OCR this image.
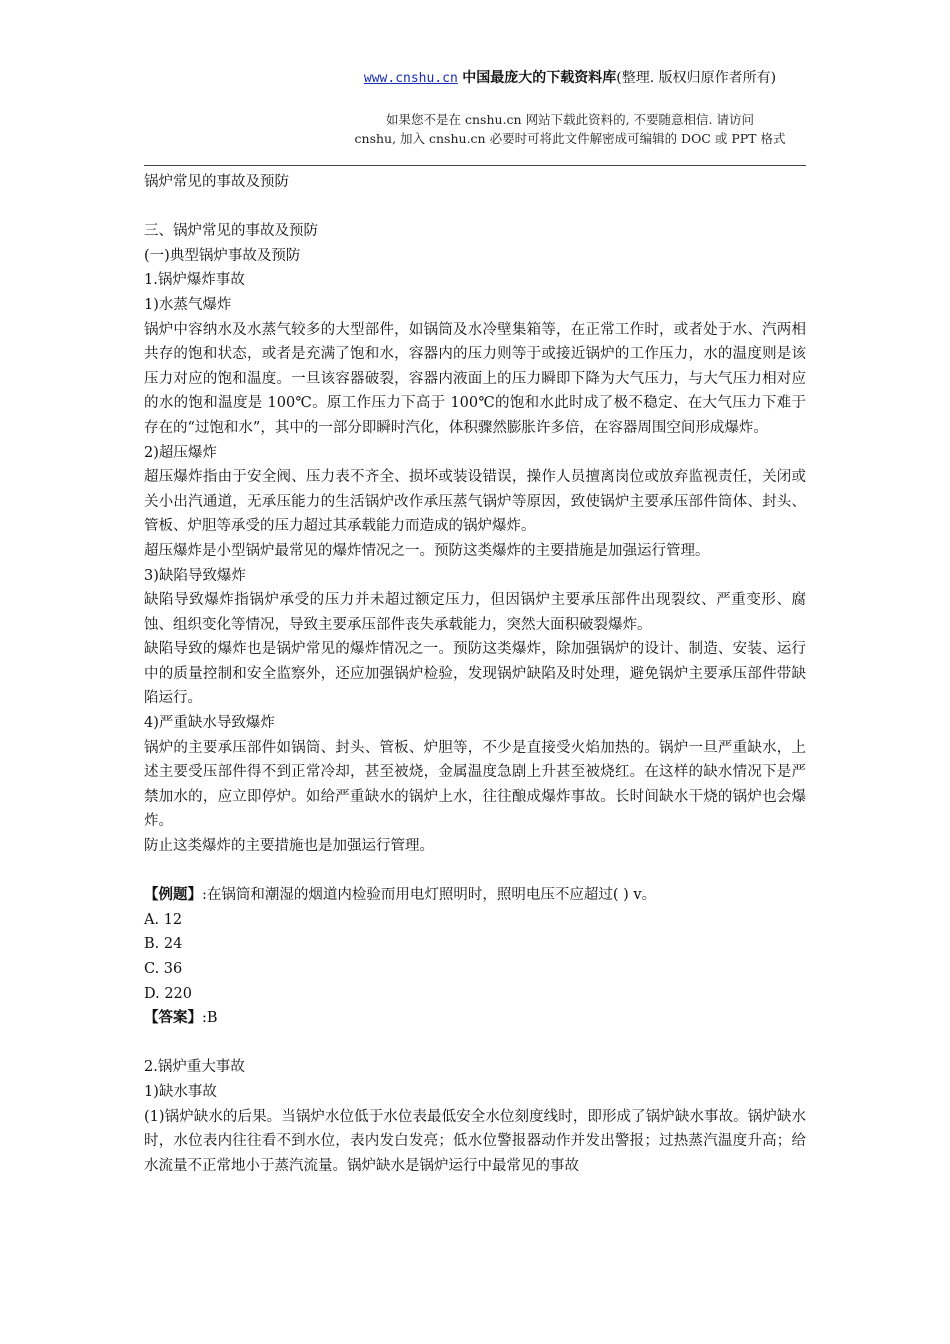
www.cnshu.cn 中国最庞大的下载资料库(整理. 版权归原作者所有)
如果您不是在 cnshu.cn 网站下载此资料的, 不要随意相信. 请访问
cnshu, 加入 cnshu.cn 必要时可将此文件解密成可编辑的 DOC 或 PPT 格式

锅炉常见的事故及预防

三、锅炉常见的事故及预防

(一)典型锅炉事故及预防

1.锅炉爆炸事故

1)水蒸气爆炸

锅炉中容纳水及水蒸气较多的大型部件，如锅筒及水冷壁集箱等，在正常工作时，或者处于水、汽两相共存的饱和状态，或者是充满了饱和水，容器内的压力则等于或接近锅炉的工作压力，水的温度则是该压力对应的饱和温度。一旦该容器破裂，容器内液面上的压力瞬即下降为大气压力，与大气压力相对应的水的饱和温度是 100℃。原工作压力下高于 100℃的饱和水此时成了极不稳定、在大气压力下难于存在的“过饱和水”，其中的一部分即瞬时汽化，体积骤然膨胀许多倍，在容器周围空间形成爆炸。

2)超压爆炸

超压爆炸指由于安全阀、压力表不齐全、损坏或装设错误，操作人员擅离岗位或放弃监视责任，关闭或关小出汽通道，无承压能力的生活锅炉改作承压蒸气锅炉等原因，致使锅炉主要承压部件筒体、封头、管板、炉胆等承受的压力超过其承载能力而造成的锅炉爆炸。

超压爆炸是小型锅炉最常见的爆炸情况之一。预防这类爆炸的主要措施是加强运行管理。

3)缺陷导致爆炸

缺陷导致爆炸指锅炉承受的压力并未超过额定压力，但因锅炉主要承压部件出现裂纹、严重变形、腐蚀、组织变化等情况，导致主要承压部件丧失承载能力，突然大面积破裂爆炸。

缺陷导致的爆炸也是锅炉常见的爆炸情况之一。预防这类爆炸，除加强锅炉的设计、制造、安装、运行中的质量控制和安全监察外，还应加强锅炉检验，发现锅炉缺陷及时处理，避免锅炉主要承压部件带缺陷运行。

4)严重缺水导致爆炸

锅炉的主要承压部件如锅筒、封头、管板、炉胆等，不少是直接受火焰加热的。锅炉一旦严重缺水，上述主要受压部件得不到正常冷却，甚至被烧，金属温度急剧上升甚至被烧红。在这样的缺水情况下是严禁加水的，应立即停炉。如给严重缺水的锅炉上水，往往酿成爆炸事故。长时间缺水干烧的锅炉也会爆炸。

防止这类爆炸的主要措施也是加强运行管理。

【例题】:在锅筒和潮湿的烟道内检验而用电灯照明时，照明电压不应超过( ) v。

A. 12

B. 24

C. 36

D. 220

【答案】:B

2.锅炉重大事故

1)缺水事故

(1)锅炉缺水的后果。当锅炉水位低于水位表最低安全水位刻度线时，即形成了锅炉缺水事故。锅炉缺水时，水位表内往往看不到水位，表内发白发亮；低水位警报器动作并发出警报；过热蒸汽温度升高；给水流量不正常地小于蒸汽流量。锅炉缺水是锅炉运行中最常见的事故
